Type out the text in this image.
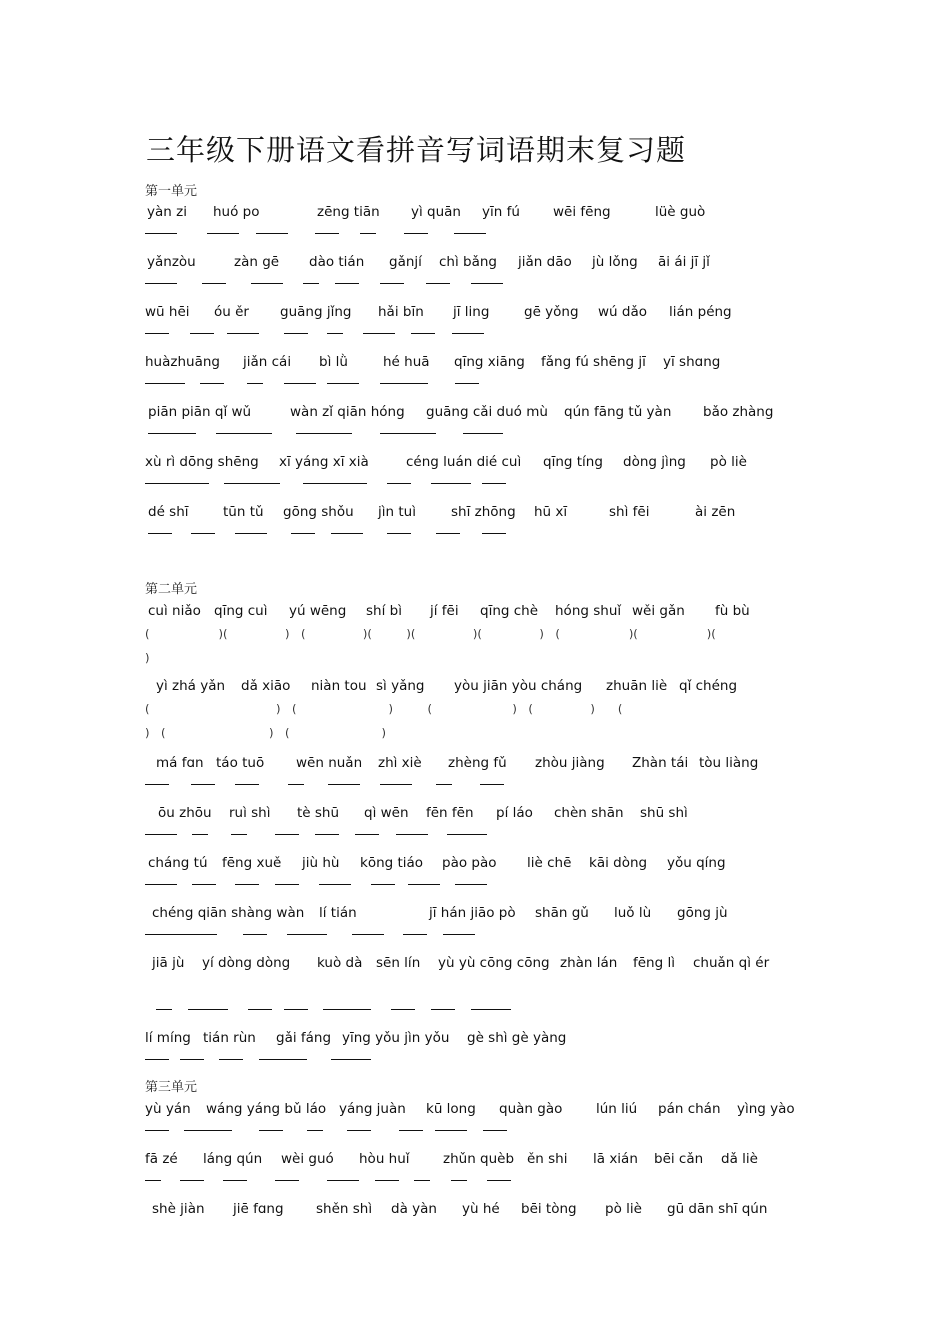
三年级下册语文看拼音写词语期末复习题
第一单元
yàn zi huó po	zēng tiān yì quān yīn fú wēi fēng	lüè guò
yǎnzòu	zàn gē dào tián gǎnjí chì bǎng jiǎn dāo jù lǒng āi ái jī jǐ
wū hēi óu ěr guāng jǐng hǎi bīn jī ling	gē yǒng wú dǎo lián péng
huàzhuāng jiǎn cái bì lǜ	hé huā qīng xiāng fǎng fú shēng jī yī shɑng
piān piān qǐ wǔ	wàn zǐ qiān hóng guāng cǎi duó mù qún fāng tǔ yàn bǎo zhàng
xù rì dōng shēng xī yáng xī xià	céng luán dié cuì qīng tíng dòng jìng pò liè
dé shī	tūn tǔ gōng shǒu jìn tuì	shī zhōng hū xī	shì fēi	ài zēn
第二单元
cuì niǎo qīng cuì yú wēng shí bì jí fēi qīng chè hóng shuǐ wěi gǎn fù bù
(　　　　　　)(　　　　　)　(　　　　　)(　　　)(　　　　　)(　　　　　)　(　　　　　　)(　　　　　　)(
)
yì zhá yǎn dǎ xiāo niàn tou sì yǎng yòu jiān yòu cháng zhuān liè qǐ chéng
(　　　　　　　　　　　)　(　　　　　　　　)　　　(　　　　　　　)　(　　　　　)　　(
)　(　　　　　　　　　)　(　　　　　　　　)
má fɑn táo tuō wēn nuǎn zhì xiè zhèng fǔ zhòu jiàng Zhàn tái tòu liàng
ōu zhōu ruì shì tè shū qì wēn fēn fēn pí láo chèn shān shū shì
cháng tú fēng xuě jiù hù kōng tiáo pào pào liè chē kāi dòng yǒu qíng
chéng qiān shàng wàn lí tián	jī hán jiāo pò shān gǔ luǒ lù gōng jù
jiā jù yí dòng dòng kuò dà sēn lín yù yù cōng cōng zhàn lán fēng lì chuǎn qì ér
lí míng tián rùn gǎi fáng yīng yǒu jìn yǒu gè shì gè yàng
第三单元
yù yán wáng yáng bǔ láo yáng juàn kū long quàn gào lún liú pán chán yìng yào
fā zé láng qún wèi guó hòu huǐ zhǔn quèb ěn shi lā xián bēi cǎn dǎ liè
shè jiàn jiē fɑng shěn shì dà yàn yù hé bēi tòng pò liè gū dān shī qún
